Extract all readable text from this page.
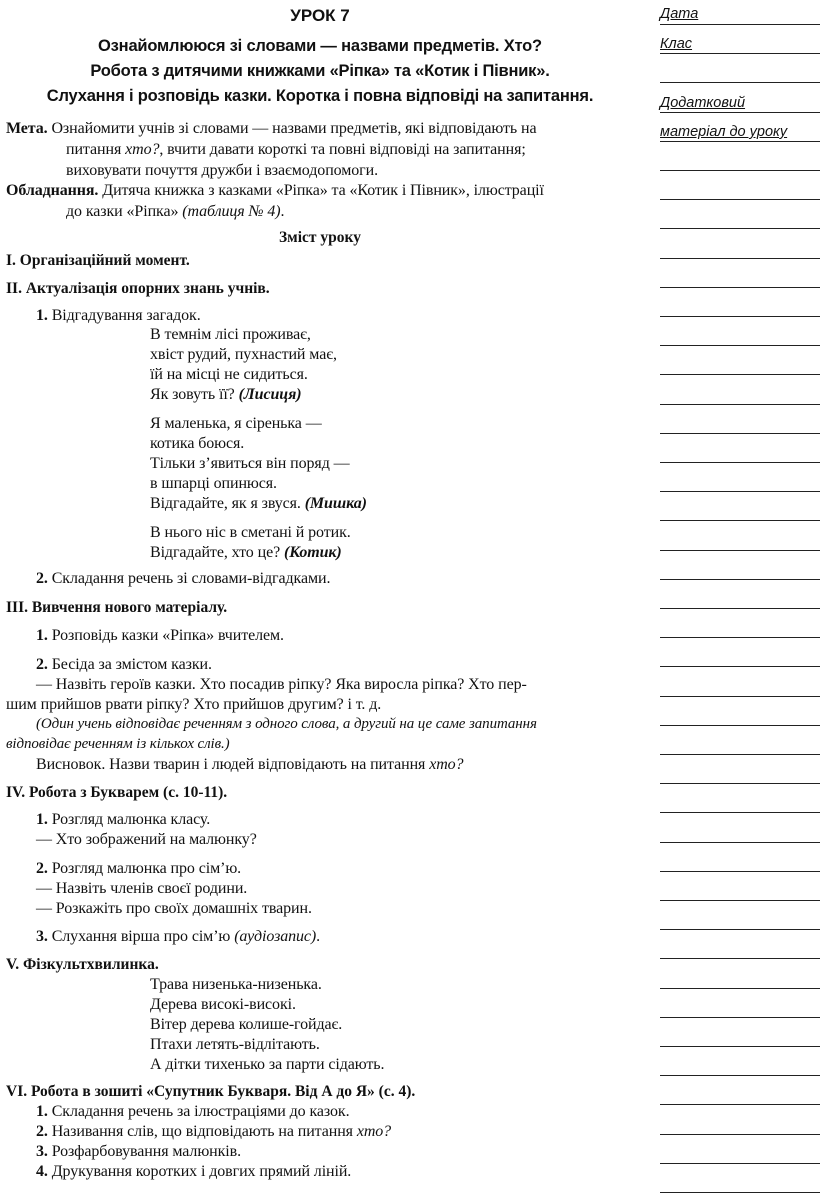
УРОК 7
Ознайомлююся зі словами — назвами предметів. Хто?
Робота з дитячими книжками «Ріпка» та «Котик і Півник».
Слухання і розповідь казки. Коротка і повна відповіді на запитання.
Мета. Ознайомити учнів зі словами — назвами предметів, які відповідають на
питання хто?, вчити давати короткі та повні відповіді на запитання;
виховувати почуття дружби і взаємодопомоги.
Обладнання. Дитяча книжка з казками «Ріпка» та «Котик і Півник», ілюстрації
до казки «Ріпка» (таблиця № 4).
Зміст уроку
I. Організаційний момент.
II. Актуалізація опорних знань учнів.
1. Відгадування загадок.
В темнім лісі проживає,
хвіст рудий, пухнастий має,
їй на місці не сидиться.
Як зовуть її? (Лисиця)
Я маленька, я сіренька —
котика боюся.
Тільки з’явиться він поряд —
в шпарці опинюся.
Відгадайте, як я звуся. (Мишка)
В нього ніс в сметані й ротик.
Відгадайте, хто це? (Котик)
2. Складання речень зі словами-відгадками.
III. Вивчення нового матеріалу.
1. Розповідь казки «Ріпка» вчителем.
2. Бесіда за змістом казки.
— Назвіть героїв казки. Хто посадив ріпку? Яка виросла ріпка? Хто пер-
шим прийшов рвати ріпку? Хто прийшов другим? і т. д.
(Один учень відповідає реченням з одного слова, а другий на це саме запитання
відповідає реченням із кількох слів.)
Висновок. Назви тварин і людей відповідають на питання хто?
IV. Робота з Букварем (с. 10-11).
1. Розгляд малюнка класу.
— Хто зображений на малюнку?
2. Розгляд малюнка про сім’ю.
— Назвіть членів своєї родини.
— Розкажіть про своїх домашніх тварин.
3. Слухання вірша про сім’ю (аудіозапис).
V. Фізкультхвилинка.
Трава низенька-низенька.
Дерева високі-високі.
Вітер дерева колише-гойдає.
Птахи летять-відлітають.
А дітки тихенько за парти сідають.
VI. Робота в зошиті «Супутник Букваря. Від А до Я» (с. 4).
1. Складання речень за ілюстраціями до казок.
2. Називання слів, що відповідають на питання хто?
3. Розфарбовування малюнків.
4. Друкування коротких і довгих прямий ліній.
Дата
Клас
Додатковий
матеріал до уроку
